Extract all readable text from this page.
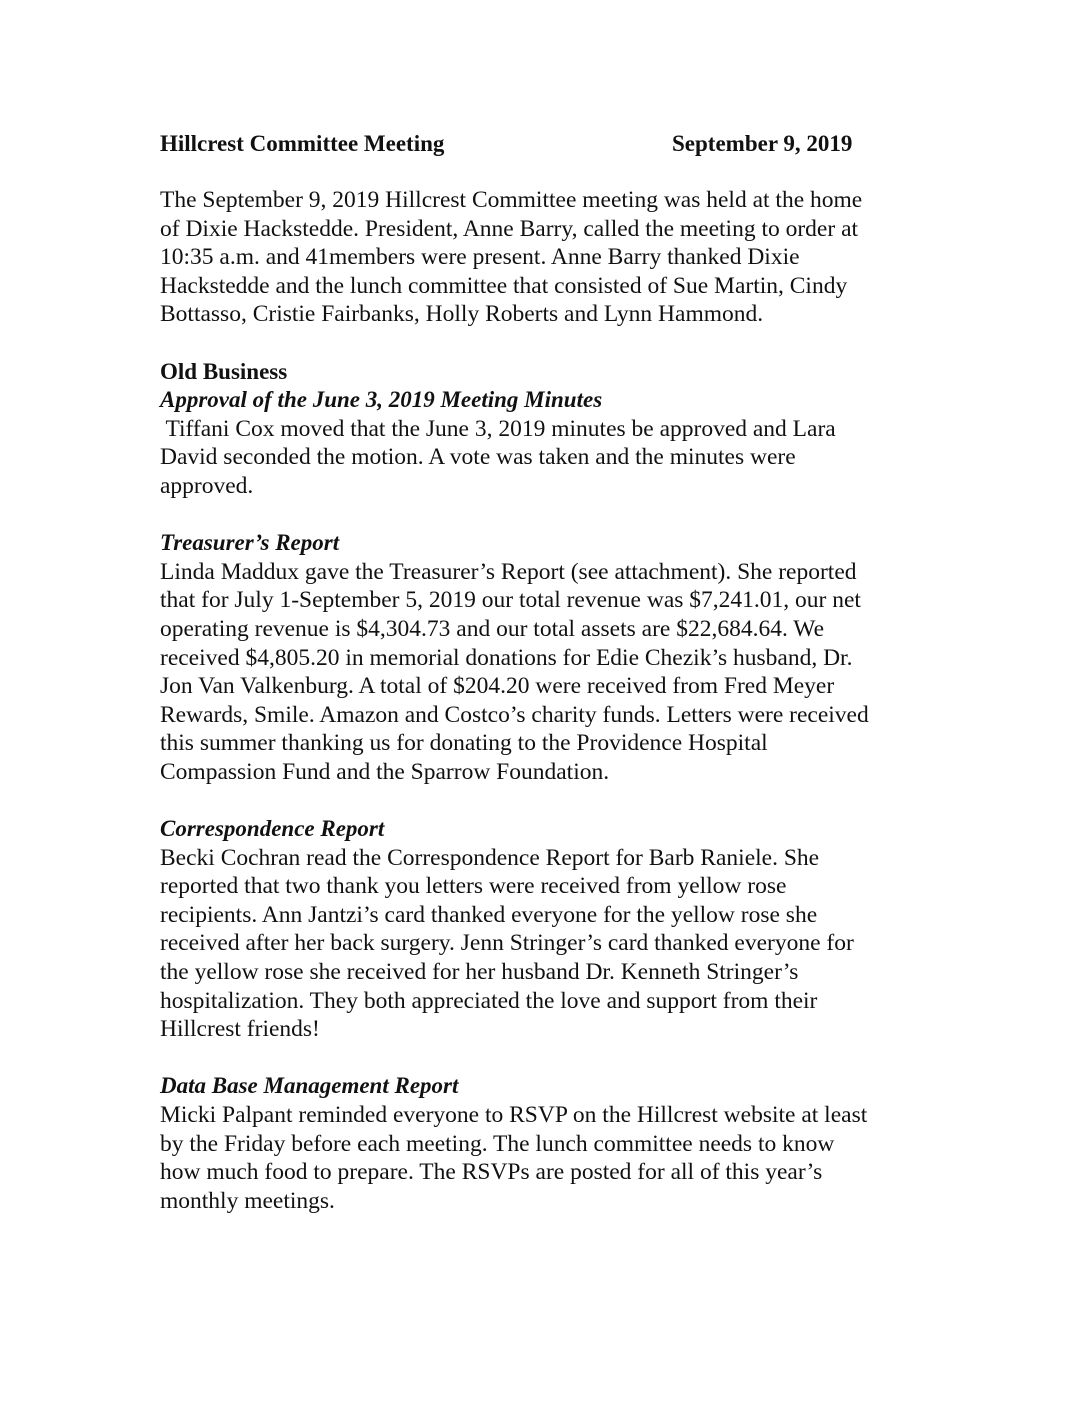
Hillcrest Committee Meeting	September 9, 2019
The September 9, 2019 Hillcrest Committee meeting was held at the home
of Dixie Hackstedde. President, Anne Barry, called the meeting to order at
10:35 a.m. and 41members were present. Anne Barry thanked Dixie
Hackstedde and the lunch committee that consisted of Sue Martin, Cindy
Bottasso, Cristie Fairbanks, Holly Roberts and Lynn Hammond.
Old Business
Approval of the June 3, 2019 Meeting Minutes
Tiffani Cox moved that the June 3, 2019 minutes be approved and Lara
David seconded the motion. A vote was taken and the minutes were
approved.
Treasurer’s Report
Linda Maddux gave the Treasurer’s Report (see attachment). She reported
that for July 1-September 5, 2019 our total revenue was $7,241.01, our net
operating revenue is $4,304.73 and our total assets are $22,684.64. We
received $4,805.20 in memorial donations for Edie Chezik’s husband, Dr.
Jon Van Valkenburg. A total of $204.20 were received from Fred Meyer
Rewards, Smile. Amazon and Costco’s charity funds. Letters were received
this summer thanking us for donating to the Providence Hospital
Compassion Fund and the Sparrow Foundation.
Correspondence Report
Becki Cochran read the Correspondence Report for Barb Raniele. She
reported that two thank you letters were received from yellow rose
recipients. Ann Jantzi’s card thanked everyone for the yellow rose she
received after her back surgery. Jenn Stringer’s card thanked everyone for
the yellow rose she received for her husband Dr. Kenneth Stringer’s
hospitalization. They both appreciated the love and support from their
Hillcrest friends!
Data Base Management Report
Micki Palpant reminded everyone to RSVP on the Hillcrest website at least
by the Friday before each meeting. The lunch committee needs to know
how much food to prepare. The RSVPs are posted for all of this year’s
monthly meetings.
